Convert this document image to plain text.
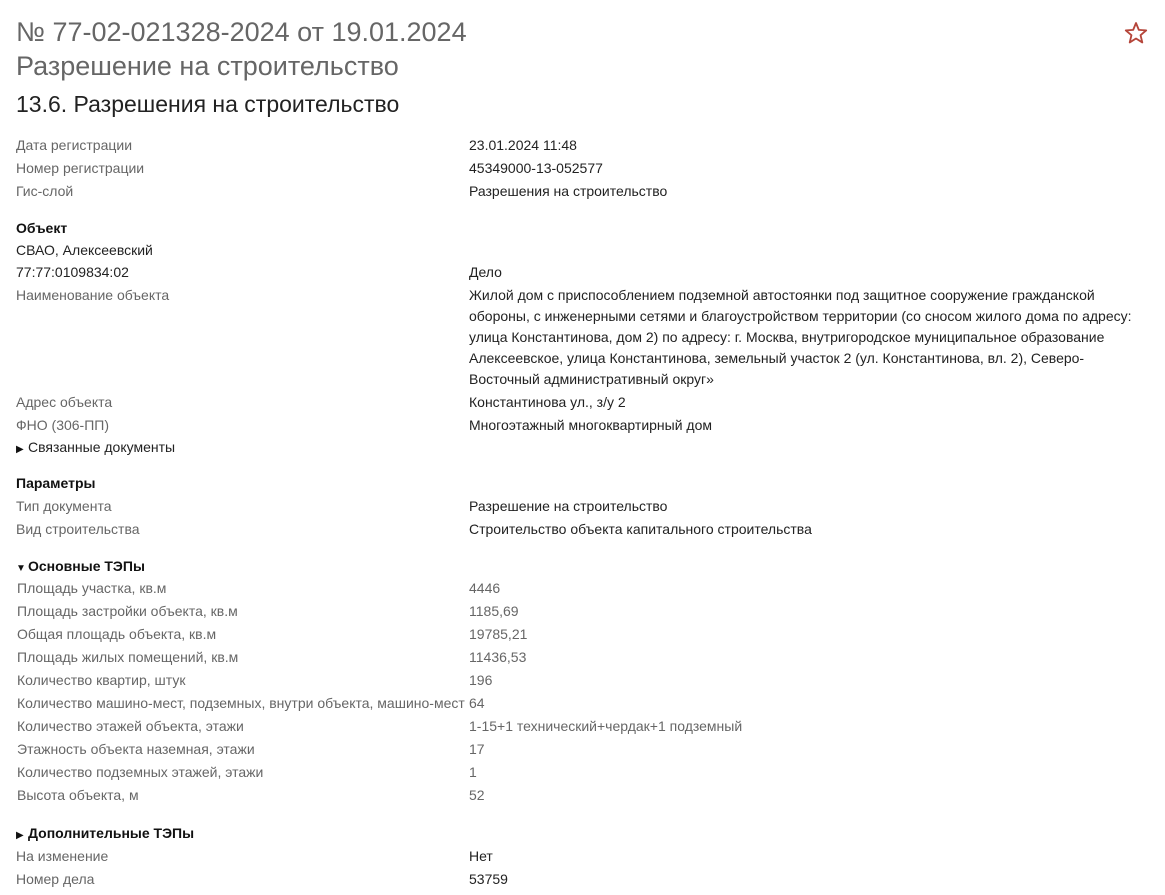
№ 77-02-021328-2024 от 19.01.2024
Разрешение на строительство
13.6. Разрешения на строительство
Дата регистрации	23.01.2024 11:48
Номер регистрации	45349000-13-052577
Гис-слой	Разрешения на строительство
Объект
СВАО, Алексеевский
77:77:0109834:02	Дело
Наименование объекта	Жилой дом с приспособлением подземной автостоянки под защитное сооружение гражданской обороны, с инженерными сетями и благоустройством территории (со сносом жилого дома по адресу: улица Константинова, дом 2) по адресу: г. Москва, внутригородское муниципальное образование Алексеевское, улица Константинова, земельный участок 2 (ул. Константинова, вл. 2), Северо-Восточный административный округ»
Адрес объекта	Константинова ул., з/у 2
ФНО (306-ПП)	Многоэтажный многоквартирный дом
▶ Связанные документы
Параметры
Тип документа	Разрешение на строительство
Вид строительства	Строительство объекта капитального строительства
▼ Основные ТЭПы
Площадь участка, кв.м	4446
Площадь застройки объекта, кв.м	1185,69
Общая площадь объекта, кв.м	19785,21
Площадь жилых помещений, кв.м	11436,53
Количество квартир, штук	196
Количество машино-мест, подземных, внутри объекта, машино-мест 64
Количество этажей объекта, этажи	1-15+1 технический+чердак+1 подземный
Этажность объекта наземная, этажи	17
Количество подземных этажей, этажи	1
Высота объекта, м	52
▶ Дополнительные ТЭПы
На изменение	Нет
Номер дела	53759
